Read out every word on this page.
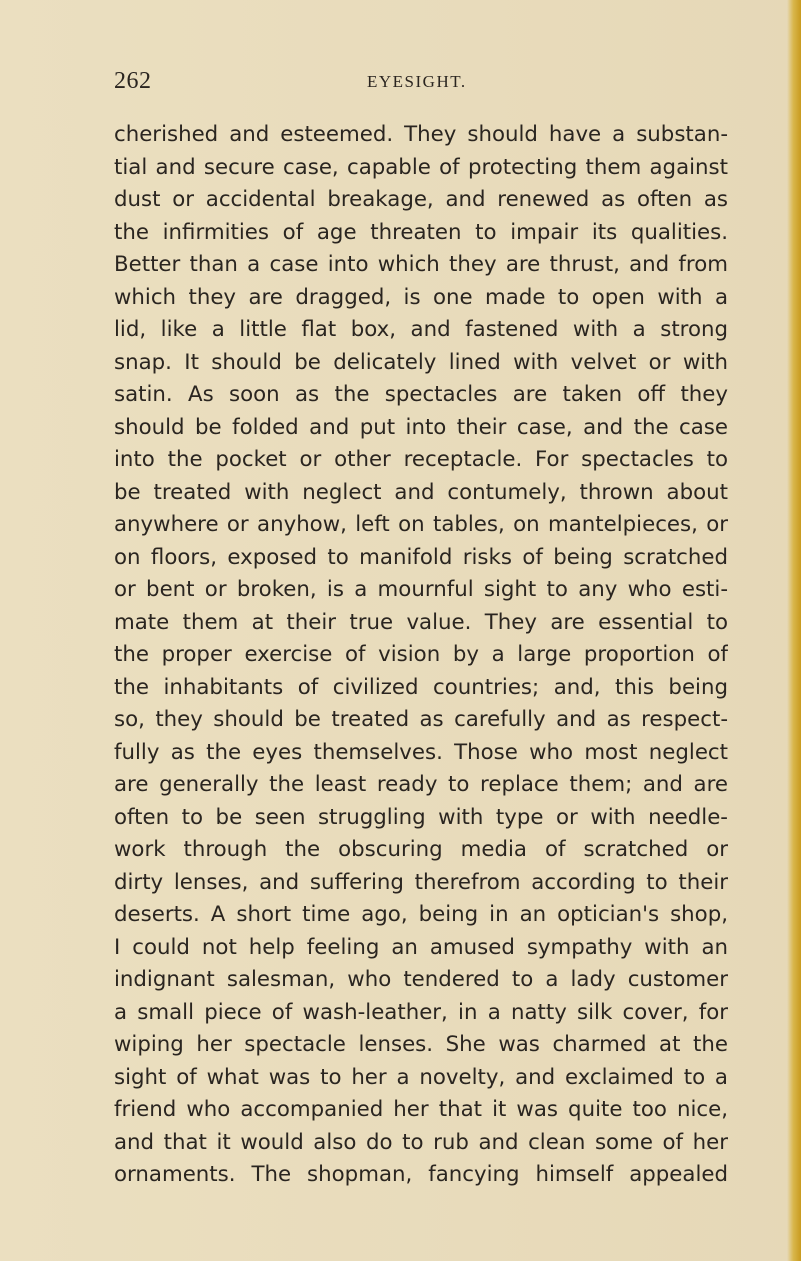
262	EYESIGHT.
cherished and esteemed. They should have a substan-
tial and secure case, capable of protecting them against
dust or accidental breakage, and renewed as often as
the infirmities of age threaten to impair its qualities.
Better than a case into which they are thrust, and from
which they are dragged, is one made to open with a
lid, like a little flat box, and fastened with a strong
snap. It should be delicately lined with velvet or with
satin. As soon as the spectacles are taken off they
should be folded and put into their case, and the case
into the pocket or other receptacle. For spectacles to
be treated with neglect and contumely, thrown about
anywhere or anyhow, left on tables, on mantelpieces, or
on floors, exposed to manifold risks of being scratched
or bent or broken, is a mournful sight to any who esti-
mate them at their true value. They are essential to
the proper exercise of vision by a large proportion of
the inhabitants of civilized countries; and, this being
so, they should be treated as carefully and as respect-
fully as the eyes themselves. Those who most neglect
are generally the least ready to replace them; and are
often to be seen struggling with type or with needle-
work through the obscuring media of scratched or
dirty lenses, and suffering therefrom according to their
deserts. A short time ago, being in an optician's shop,
I could not help feeling an amused sympathy with an
indignant salesman, who tendered to a lady customer
a small piece of wash-leather, in a natty silk cover, for
wiping her spectacle lenses. She was charmed at the
sight of what was to her a novelty, and exclaimed to a
friend who accompanied her that it was quite too nice,
and that it would also do to rub and clean some of her
ornaments. The shopman, fancying himself appealed
